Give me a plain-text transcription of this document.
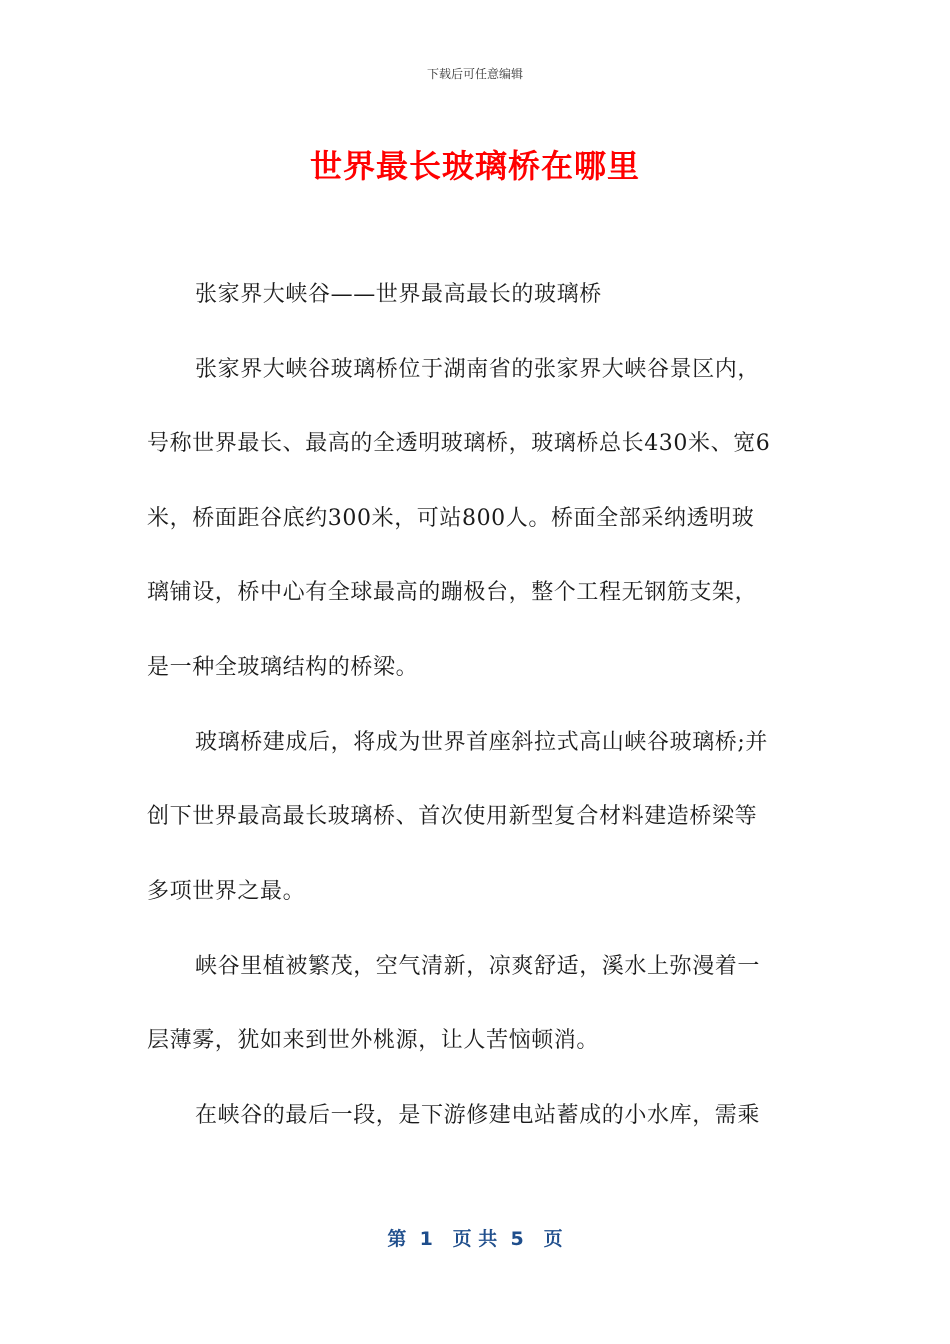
下载后可任意编辑
世界最长玻璃桥在哪里
张家界大峡谷——世界最高最长的玻璃桥
张家界大峡谷玻璃桥位于湖南省的张家界大峡谷景区内，
号称世界最长、最高的全透明玻璃桥，玻璃桥总长430米、宽6
米，桥面距谷底约300米，可站800人。桥面全部采纳透明玻
璃铺设，桥中心有全球最高的蹦极台，整个工程无钢筋支架，
是一种全玻璃结构的桥梁。
玻璃桥建成后，将成为世界首座斜拉式高山峡谷玻璃桥;并
创下世界最高最长玻璃桥、首次使用新型复合材料建造桥梁等
多项世界之最。
峡谷里植被繁茂，空气清新，凉爽舒适，溪水上弥漫着一
层薄雾，犹如来到世外桃源，让人苦恼顿消。
在峡谷的最后一段，是下游修建电站蓄成的小水库，需乘
第  1   页 共  5   页
